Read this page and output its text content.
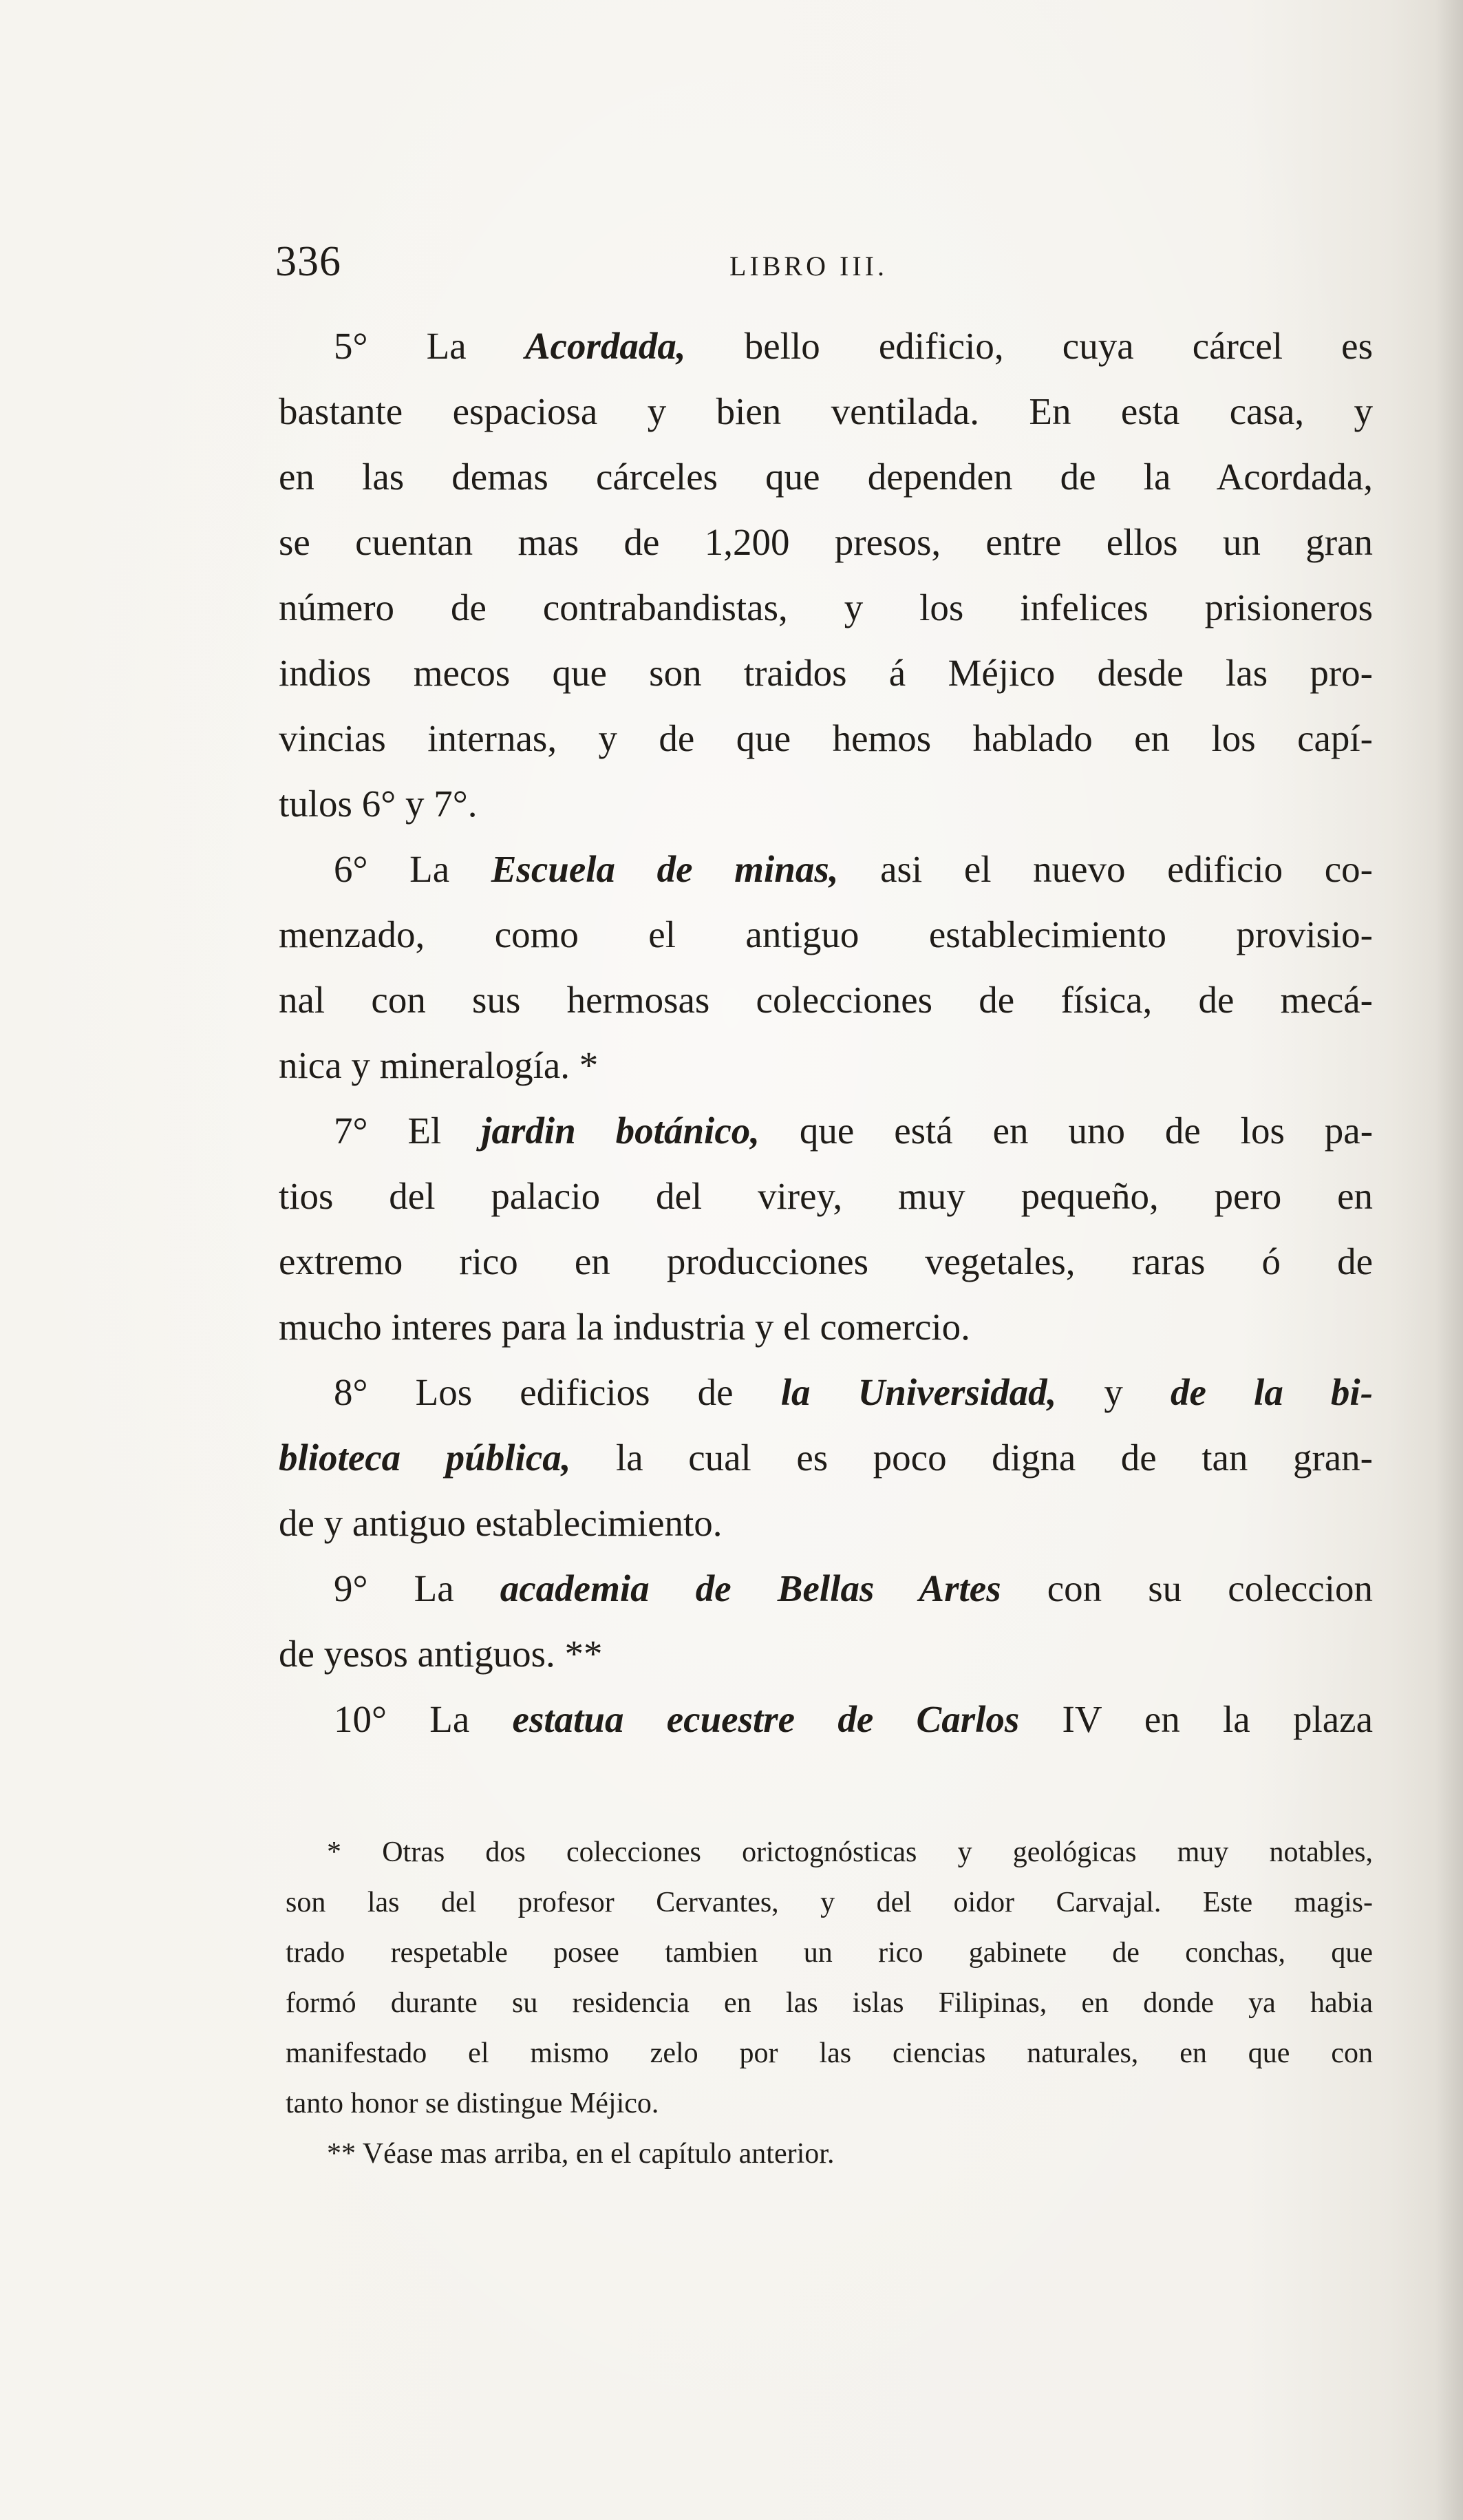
336	LIBRO III.
5° La Acordada, bello edificio, cuya cárcel es
bastante espaciosa y bien ventilada. En esta casa, y
en las demas cárceles que dependen de la Acordada,
se cuentan mas de 1,200 presos, entre ellos un gran
número de contrabandistas, y los infelices prisioneros
indios mecos que son traidos á Méjico desde las pro-
vincias internas, y de que hemos hablado en los capí-
tulos 6° y 7°.
6° La Escuela de minas, asi el nuevo edificio co-
menzado, como el antiguo establecimiento provisio-
nal con sus hermosas colecciones de física, de mecá-
nica y mineralogía. *
7° El jardin botánico, que está en uno de los pa-
tios del palacio del virey, muy pequeño, pero en
extremo rico en producciones vegetales, raras ó de
mucho interes para la industria y el comercio.
8° Los edificios de la Universidad, y de la bi-
blioteca pública, la cual es poco digna de tan gran-
de y antiguo establecimiento.
9° La academia de Bellas Artes con su coleccion
de yesos antiguos. **
10° La estatua ecuestre de Carlos IV en la plaza
* Otras dos colecciones orictognósticas y geológicas muy notables,
son las del profesor Cervantes, y del oidor Carvajal. Este magis-
trado respetable posee tambien un rico gabinete de conchas, que
formó durante su residencia en las islas Filipinas, en donde ya habia
manifestado el mismo zelo por las ciencias naturales, en que con
tanto honor se distingue Méjico.
** Véase mas arriba, en el capítulo anterior.
